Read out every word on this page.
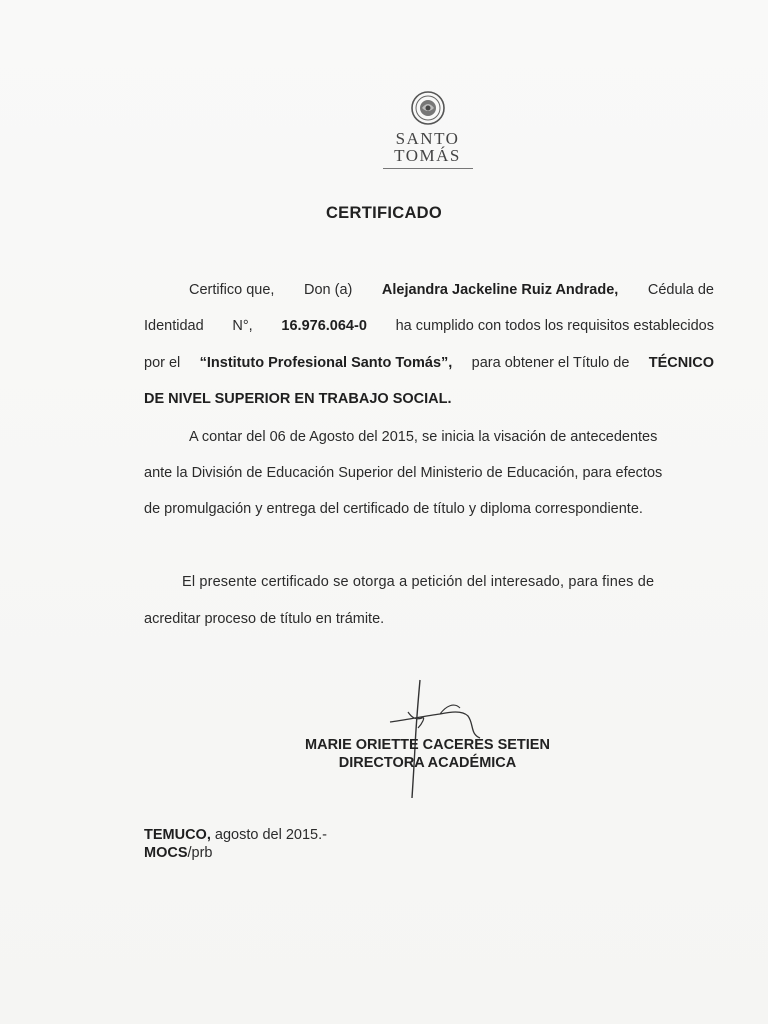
SANTO
TOMÁS
CERTIFICADO
Certifico que, Don (a) Alejandra Jackeline Ruiz Andrade, Cédula de
Identidad N°, 16.976.064-0 ha cumplido con todos los requisitos establecidos
por el “Instituto Profesional Santo Tomás”, para obtener el Título de TÉCNICO
DE NIVEL SUPERIOR EN TRABAJO SOCIAL.
A contar del 06 de Agosto del 2015, se inicia la visación de antecedentes
ante la División de Educación Superior del Ministerio de Educación, para efectos
de promulgación y entrega del certificado de título y diploma correspondiente.
El presente certificado se otorga a petición del interesado, para fines de
acreditar proceso de título en trámite.
MARIE ORIETTE CACERES SETIEN
DIRECTORA ACADÉMICA
TEMUCO, agosto del 2015.-
MOCS/prb
